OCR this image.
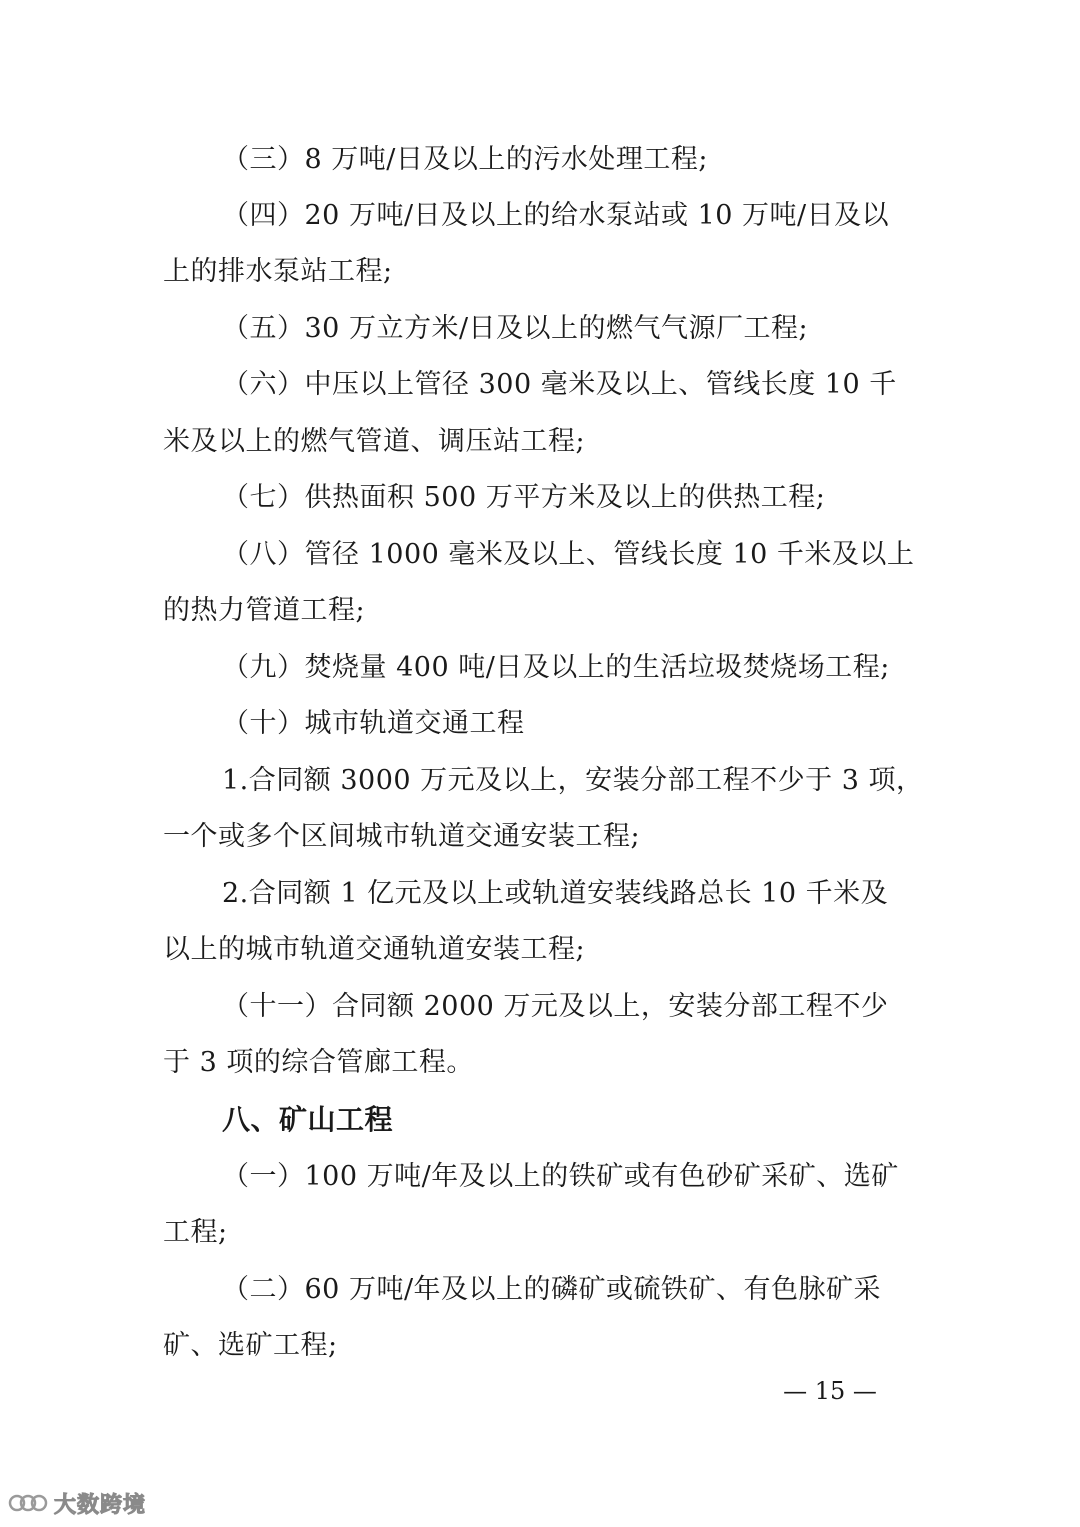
（三）8 万吨/日及以上的污水处理工程;
（四）20 万吨/日及以上的给水泵站或 10 万吨/日及以
上的排水泵站工程;
（五）30 万立方米/日及以上的燃气气源厂工程;
（六）中压以上管径 300 毫米及以上、管线长度 10 千
米及以上的燃气管道、调压站工程;
（七）供热面积 500 万平方米及以上的供热工程;
（八）管径 1000 毫米及以上、管线长度 10 千米及以上
的热力管道工程;
（九）焚烧量 400 吨/日及以上的生活垃圾焚烧场工程;
（十）城市轨道交通工程
1.合同额 3000 万元及以上，安装分部工程不少于 3 项，
一个或多个区间城市轨道交通安装工程;
2.合同额 1 亿元及以上或轨道安装线路总长 10 千米及
以上的城市轨道交通轨道安装工程;
（十一）合同额 2000 万元及以上，安装分部工程不少
于 3 项的综合管廊工程。
八、矿山工程
（一）100 万吨/年及以上的铁矿或有色砂矿采矿、选矿
工程;
（二）60 万吨/年及以上的磷矿或硫铁矿、有色脉矿采
矿、选矿工程;
— 15 —
大数跨境
